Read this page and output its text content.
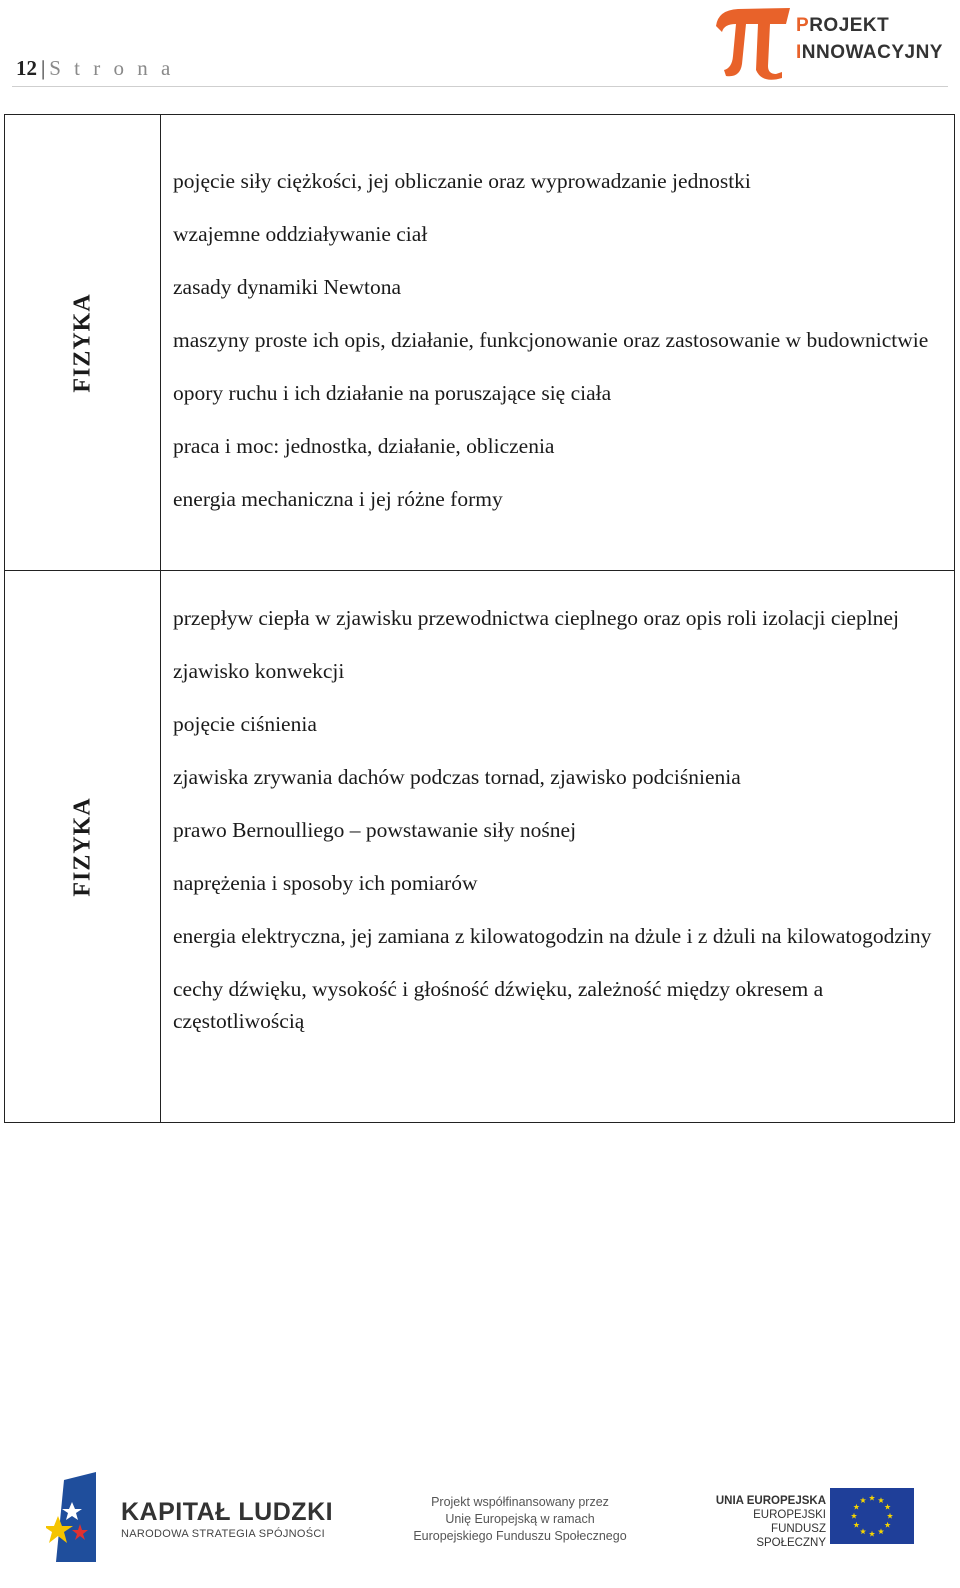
12 | S t r o n a
PROJEKT
INNOWACYJNY
FIZYKA
pojęcie siły ciężkości, jej obliczanie oraz wyprowadzanie jednostki
wzajemne oddziaływanie ciał
zasady dynamiki Newtona
maszyny proste ich opis, działanie, funkcjonowanie oraz zastosowanie w budownictwie
opory ruchu i ich działanie na poruszające się ciała
praca i moc: jednostka, działanie, obliczenia
energia mechaniczna i jej różne formy
FIZYKA
przepływ ciepła w zjawisku przewodnictwa cieplnego oraz opis roli izolacji cieplnej
zjawisko konwekcji
pojęcie ciśnienia
zjawiska zrywania dachów podczas tornad, zjawisko podciśnienia
prawo Bernoulliego – powstawanie siły nośnej
naprężenia i sposoby ich pomiarów
energia elektryczna, jej zamiana z kilowatogodzin na dżule i z dżuli na kilowatogodziny
cechy dźwięku, wysokość i głośność dźwięku, zależność między okresem a częstotliwością
KAPITAŁ LUDZKI
NARODOWA STRATEGIA SPÓJNOŚCI
Projekt współfinansowany przez
Unię Europejską w ramach
Europejskiego Funduszu Społecznego
UNIA EUROPEJSKA
EUROPEJSKI
FUNDUSZ SPOŁECZNY
